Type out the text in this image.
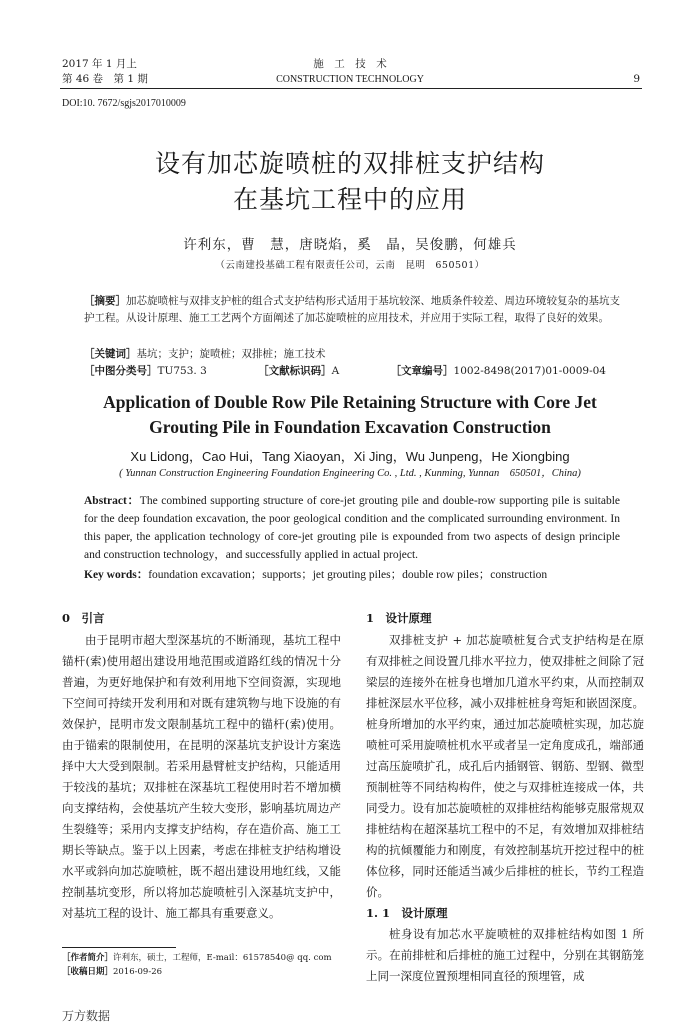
2017 年 1 月上
第 46 卷　第 1 期
施　工　技　术
CONSTRUCTION TECHNOLOGY	9
DOI:10. 7672/sgjs2017010009
设有加芯旋喷桩的双排桩支护结构
在基坑工程中的应用
许利东，曹　慧，唐晓焰，奚　晶，吴俊鹏，何雄兵
（云南建投基础工程有限责任公司，云南　昆明　650501）
［摘要］加芯旋喷桩与双排支护桩的组合式支护结构形式适用于基坑较深、地质条件较差、周边环境较复杂的基坑支护工程。从设计原理、施工工艺两个方面阐述了加芯旋喷桩的应用技术，并应用于实际工程，取得了良好的效果。
［关键词］基坑；支护；旋喷桩；双排桩；施工技术
［中图分类号］TU753. 3	［文献标识码］A	［文章编号］1002-8498(2017)01-0009-04
Application of Double Row Pile Retaining Structure with Core Jet
Grouting Pile in Foundation Excavation Construction
Xu Lidong，Cao Hui，Tang Xiaoyan，Xi Jing，Wu Junpeng，He Xiongbing
( Yunnan Construction Engineering Foundation Engineering Co. , Ltd. , Kunming, Yunnan　650501，China)
Abstract：The combined supporting structure of core-jet grouting pile and double-row supporting pile is suitable for the deep foundation excavation, the poor geological condition and the complicated surrounding environment. In this paper, the application technology of core-jet grouting pile is expounded from two aspects of design principle and construction technology，and successfully applied in actual project.
Key words：foundation excavation；supports；jet grouting piles；double row piles；construction
0　引言

由于昆明市超大型深基坑的不断涌现，基坑工程中锚杆(索)使用超出建设用地范围或道路红线的情况十分普遍，为更好地保护和有效利用地下空间资源，实现地下空间可持续开发利用和对既有建筑物与地下设施的有效保护，昆明市发文限制基坑工程中的锚杆(索)使用。由于锚索的限制使用，在昆明的深基坑支护设计方案选择中大大受到限制。若采用悬臂桩支护结构，只能适用于较浅的基坑；双排桩在深基坑工程使用时若不增加横向支撑结构，会使基坑产生较大变形，影响基坑周边产生裂缝等；采用内支撑支护结构，存在造价高、施工工期长等缺点。鉴于以上因素，考虑在排桩支护结构增设水平或斜向加芯旋喷桩，既不超出建设用地红线，又能控制基坑变形，所以将加芯旋喷桩引入深基坑支护中，对基坑工程的设计、施工都具有重要意义。

［作者简介］许利东，硕士，工程师，E-mail：61578540@ qq. com
［收稿日期］2016-09-26
1　设计原理

双排桩支护 + 加芯旋喷桩复合式支护结构是在原有双排桩之间设置几排水平拉力，使双排桩之间除了冠梁层的连接外在桩身也增加几道水平约束，从而控制双排桩深层水平位移，减小双排桩桩身弯矩和嵌固深度。桩身所增加的水平约束，通过加芯旋喷桩实现，加芯旋喷桩可采用旋喷桩机水平或者呈一定角度成孔，端部通过高压旋喷扩孔，成孔后内插钢管、钢筋、型钢、微型预制桩等不同结构构件，使之与双排桩连接成一体，共同受力。设有加芯旋喷桩的双排桩结构能够克服常规双排桩结构在超深基坑工程中的不足，有效增加双排桩结构的抗倾覆能力和刚度，有效控制基坑开挖过程中的桩体位移，同时还能适当减少后排桩的桩长，节约工程造价。

1. 1　设计原理

桩身设有加芯水平旋喷桩的双排桩结构如图 1 所示。在前排桩和后排桩的施工过程中，分别在其钢筋笼上同一深度位置预埋相同直径的预埋管，成

万方数据
